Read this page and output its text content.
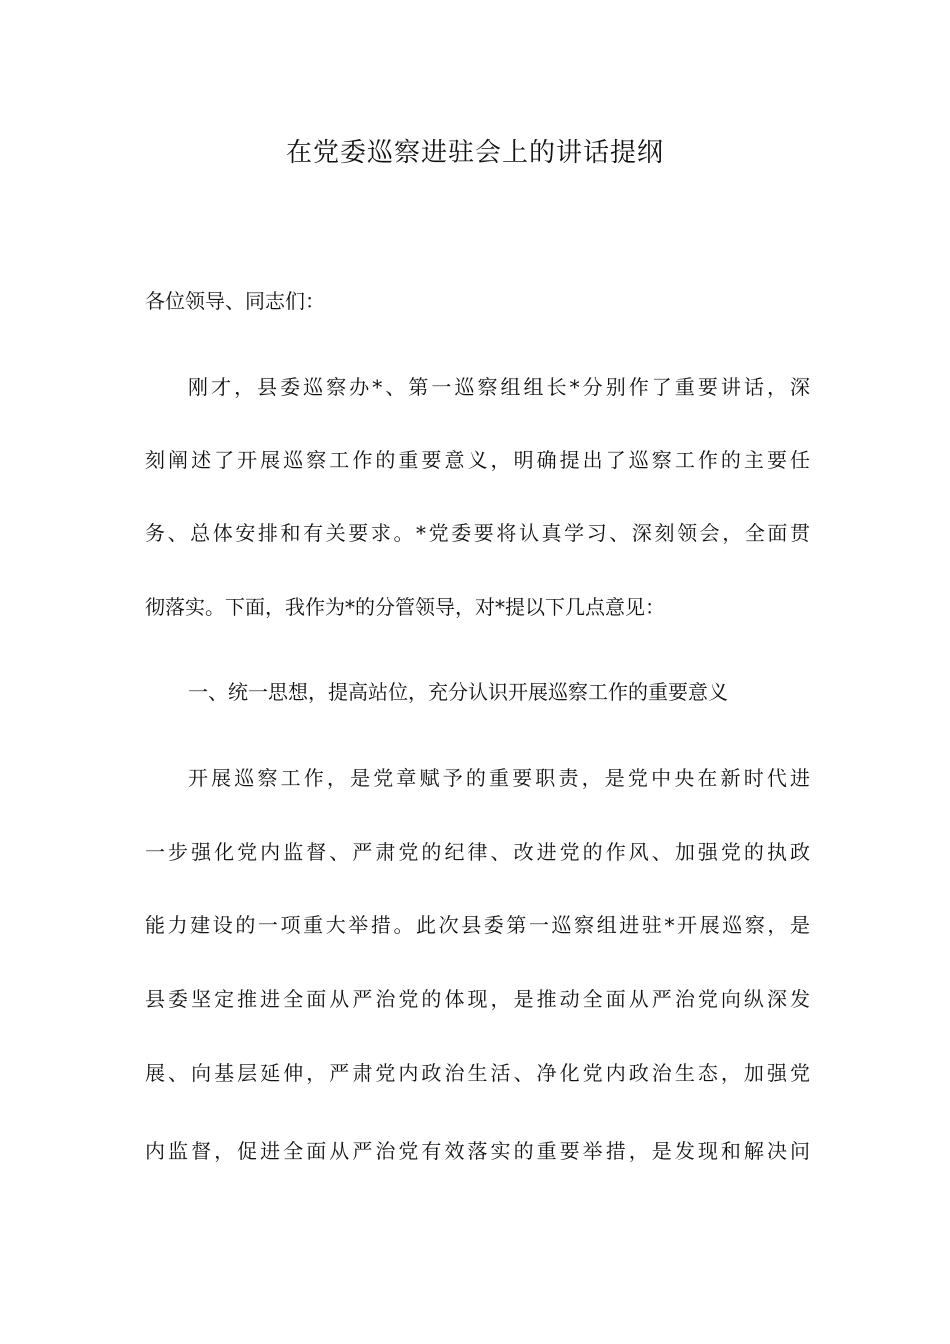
在党委巡察进驻会上的讲话提纲
各位领导、同志们：
刚才，县委巡察办*、第一巡察组组长*分别作了重要讲话，深
刻阐述了开展巡察工作的重要意义，明确提出了巡察工作的主要任
务、总体安排和有关要求。*党委要将认真学习、深刻领会，全面贯
彻落实。下面，我作为*的分管领导，对*提以下几点意见：
一、统一思想，提高站位，充分认识开展巡察工作的重要意义
开展巡察工作，是党章赋予的重要职责，是党中央在新时代进
一步强化党内监督、严肃党的纪律、改进党的作风、加强党的执政
能力建设的一项重大举措。此次县委第一巡察组进驻*开展巡察，是
县委坚定推进全面从严治党的体现，是推动全面从严治党向纵深发
展、向基层延伸，严肃党内政治生活、净化党内政治生态，加强党
内监督，促进全面从严治党有效落实的重要举措，是发现和解决问
